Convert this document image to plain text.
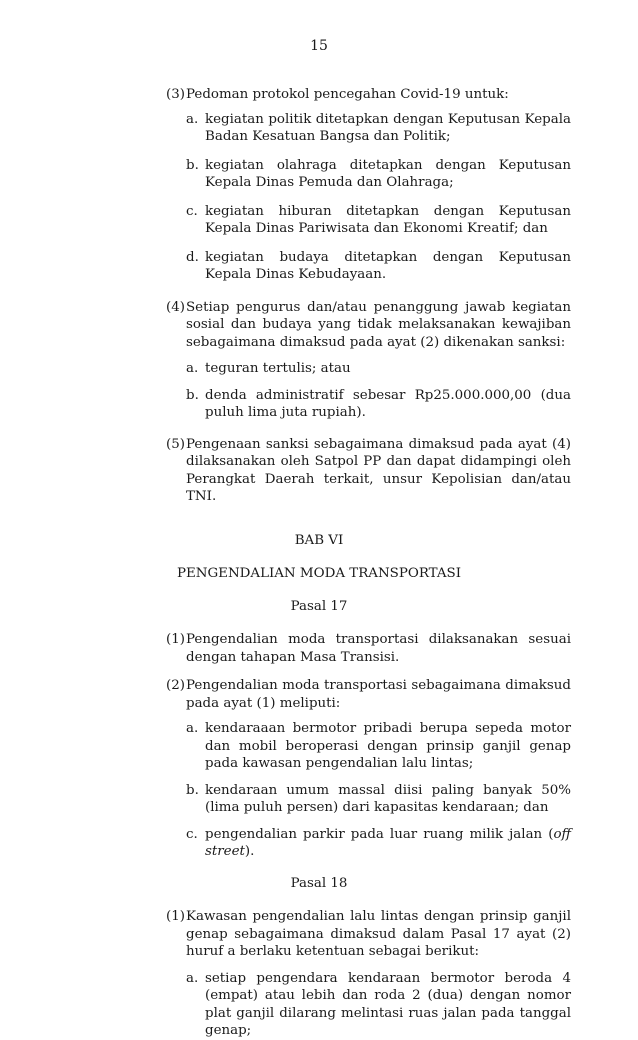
15
(3) Pedoman protokol pencegahan Covid-19 untuk:
a. kegiatan politik ditetapkan dengan Keputusan Kepala Badan Kesatuan Bangsa dan Politik;
b. kegiatan olahraga ditetapkan dengan Keputusan Kepala Dinas Pemuda dan Olahraga;
c. kegiatan hiburan ditetapkan dengan Keputusan Kepala Dinas Pariwisata dan Ekonomi Kreatif; dan
d. kegiatan budaya ditetapkan dengan Keputusan Kepala Dinas Kebudayaan.
(4) Setiap pengurus dan/atau penanggung jawab kegiatan sosial dan budaya yang tidak melaksanakan kewajiban sebagaimana dimaksud pada ayat (2) dikenakan sanksi:
a. teguran tertulis; atau
b. denda administratif sebesar Rp25.000.000,00 (dua puluh lima juta rupiah).
(5) Pengenaan sanksi sebagaimana dimaksud pada ayat (4) dilaksanakan oleh Satpol PP dan dapat didampingi oleh Perangkat Daerah terkait, unsur Kepolisian dan/atau TNI.
BAB VI
PENGENDALIAN MODA TRANSPORTASI
Pasal 17
(1) Pengendalian moda transportasi dilaksanakan sesuai dengan tahapan Masa Transisi.
(2) Pengendalian moda transportasi sebagaimana dimaksud pada ayat (1) meliputi:
a. kendaraaan bermotor pribadi berupa sepeda motor dan mobil beroperasi dengan prinsip ganjil genap pada kawasan pengendalian lalu lintas;
b. kendaraan umum massal diisi paling banyak 50% (lima puluh persen) dari kapasitas kendaraan; dan
c. pengendalian parkir pada luar ruang milik jalan (off street).
Pasal 18
(1) Kawasan pengendalian lalu lintas dengan prinsip ganjil genap sebagaimana dimaksud dalam Pasal 17 ayat (2) huruf a berlaku ketentuan sebagai berikut:
a. setiap pengendara kendaraan bermotor beroda 4 (empat) atau lebih dan roda 2 (dua) dengan nomor plat ganjil dilarang melintasi ruas jalan pada tanggal genap;
